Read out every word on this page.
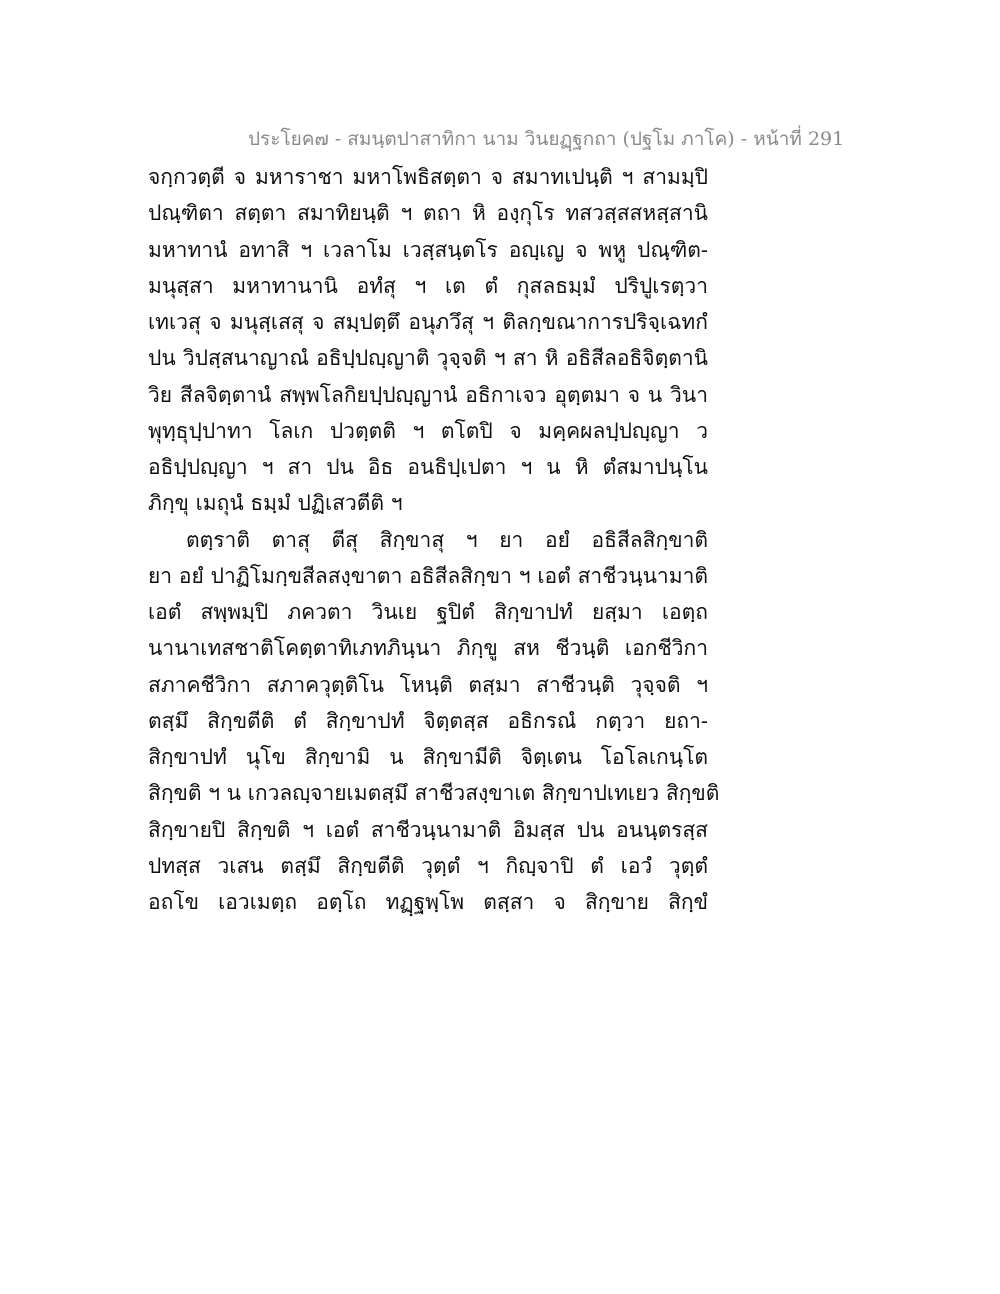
ประโยค๗ - สมนฺตปาสาทิกา นาม วินยฏฺฐกถา (ปฐโม ภาโค) - หน้าที่ 291
จกฺกวตฺตี จ มหาราชา มหาโพธิสตฺตา จ สมาทเปนฺติ ฯ สามมฺปิ
ปณฺฑิตา สตฺตา สมาทิยนฺติ ฯ ตถา หิ องฺกุโร ทสวสฺสสหสฺสานิ
มหาทานํ อทาสิ ฯ เวลาโม เวสฺสนฺตโร อญฺเญ จ พหู ปณฺฑิต-
มนุสฺสา มหาทานานิ อทํสุ ฯ เต ตํ กุสลธมฺมํ ปริปูเรตฺวา
เทเวสุ จ มนุสฺเสสุ จ สมฺปตฺตึ อนุภวึสุ ฯ ติลกฺขณาการปริจฺเฉทกํ
ปน วิปสฺสนาญาณํ อธิปฺปญฺญาติ วุจฺจติ ฯ สา หิ อธิสีลอธิจิตฺตานิ
วิย สีลจิตฺตานํ สพฺพโลกิยปฺปญฺญานํ อธิกาเจว อุตฺตมา จ น วินา
พุทฺธุปฺปาทา โลเก ปวตฺตติ ฯ ตโตปิ จ มคฺคผลปฺปญฺญา ว
อธิปฺปญฺญา ฯ สา ปน อิธ อนธิปฺเปตา ฯ น หิ ตํสมาปนฺโน
ภิกฺขุ เมถุนํ ธมฺมํ ปฏิเสวตีติ ฯ
ตตฺราติ ตาสุ ตีสุ สิกฺขาสุ ฯ ยา อยํ อธิสีลสิกฺขาติ
ยา อยํ ปาฏิโมกฺขสีลสงฺขาตา อธิสีลสิกฺขา ฯ เอตํ สาชีวนฺนามาติ
เอตํ สพฺพมฺปิ ภควตา วินเย ฐปิตํ สิกฺขาปทํ ยสฺมา เอตฺถ
นานาเทสชาติโคตฺตาทิเภทภินฺนา ภิกฺขู สห ชีวนฺติ เอกชีวิกา
สภาคชีวิกา สภาควุตฺติโน โหนฺติ ตสฺมา สาชีวนฺติ วุจฺจติ ฯ
ตสฺมึ สิกฺขตีติ ตํ สิกฺขาปทํ จิตฺตสฺส อธิกรณํ กตฺวา ยถา-
สิกฺขาปทํ นุโข สิกฺขามิ น สิกฺขามีติ จิตฺเตน โอโลเกนฺโต
สิกฺขติ ฯ น เกวลญฺจายเมตสฺมึ สาชีวสงฺขาเต สิกฺขาปเทเยว สิกฺขติ
สิกฺขายปิ สิกฺขติ ฯ เอตํ สาชีวนฺนามาติ อิมสฺส ปน อนนฺตรสฺส
ปทสฺส วเสน ตสฺมึ สิกฺขตีติ วุตฺตํ ฯ กิญฺจาปิ ตํ เอวํ วุตฺตํ
อถโข เอวเมตฺถ อตฺโถ ทฏฺฐพฺโพ ตสฺสา จ สิกฺขาย สิกฺขํ
